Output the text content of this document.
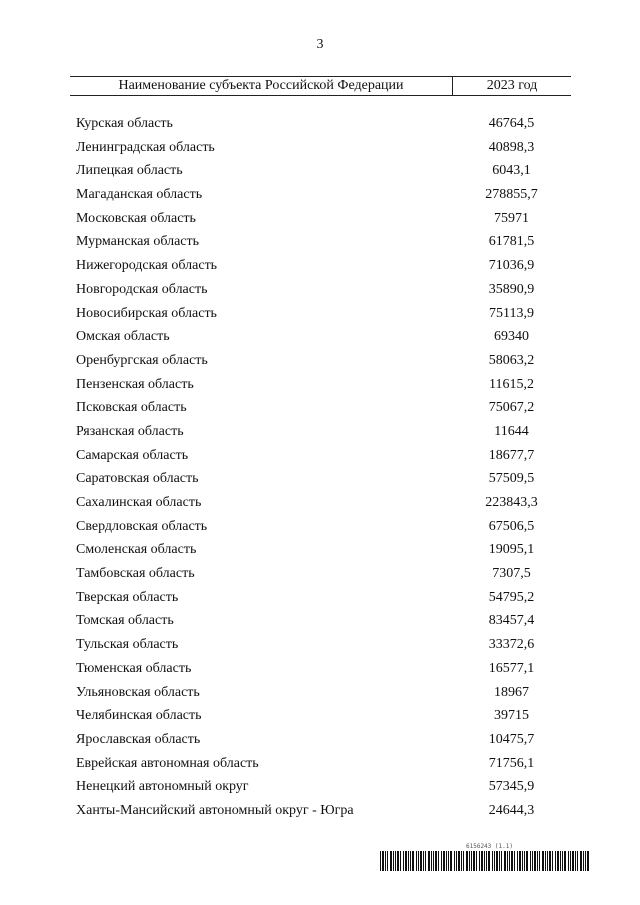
3
Наименование субъекта Российской Федерации	2023 год
Курская область	46764,5
Ленинградская область	40898,3
Липецкая область	6043,1
Магаданская область	278855,7
Московская область	75971
Мурманская область	61781,5
Нижегородская область	71036,9
Новгородская область	35890,9
Новосибирская область	75113,9
Омская область	69340
Оренбургская область	58063,2
Пензенская область	11615,2
Псковская область	75067,2
Рязанская область	11644
Самарская область	18677,7
Саратовская область	57509,5
Сахалинская область	223843,3
Свердловская область	67506,5
Смоленская область	19095,1
Тамбовская область	7307,5
Тверская область	54795,2
Томская область	83457,4
Тульская область	33372,6
Тюменская область	16577,1
Ульяновская область	18967
Челябинская область	39715
Ярославская область	10475,7
Еврейская автономная область	71756,1
Ненецкий автономный округ	57345,9
Ханты-Мансийский автономный округ - Югра	24644,3
6156243 (1.1)
